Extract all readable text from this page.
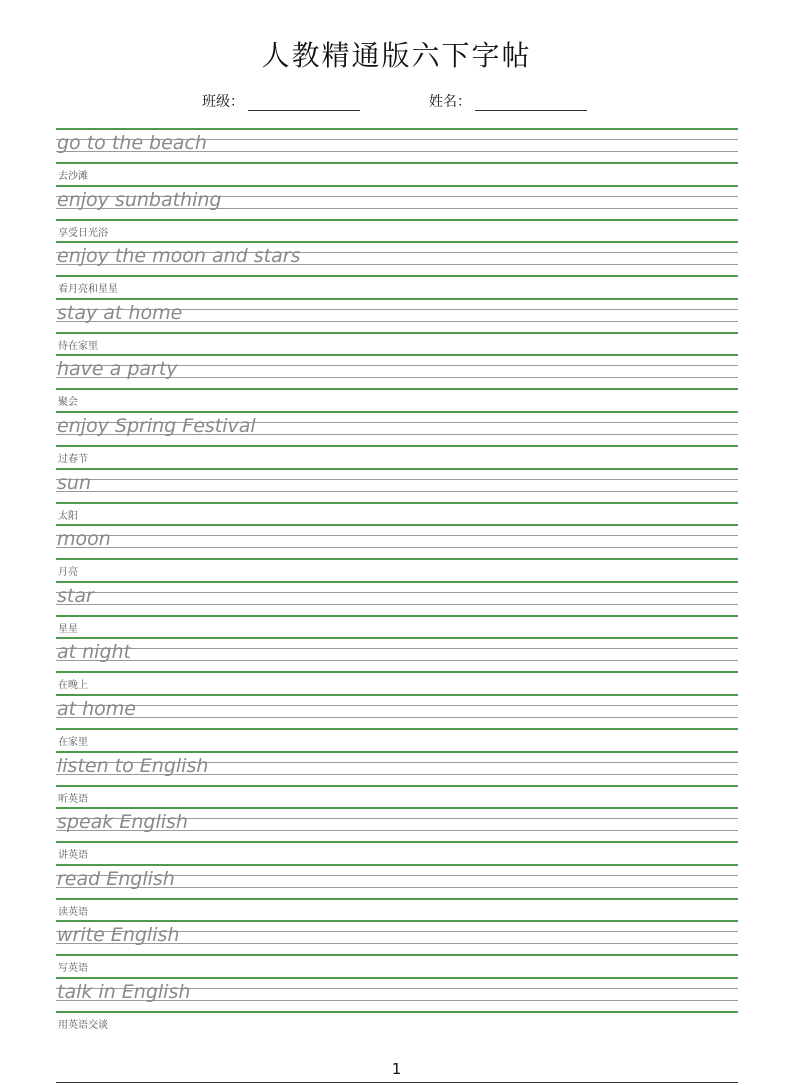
人教精通版六下字帖
班级：	姓名：
go to the beach
去沙滩
enjoy sunbathing
享受日光浴
enjoy the moon and stars
看月亮和星星
stay at home
待在家里
have a party
聚会
enjoy Spring Festival
过春节
sun
太阳
moon
月亮
star
星星
at night
在晚上
at home
在家里
listen to English
听英语
speak English
讲英语
read English
读英语
write English
写英语
talk in English
用英语交谈
1
